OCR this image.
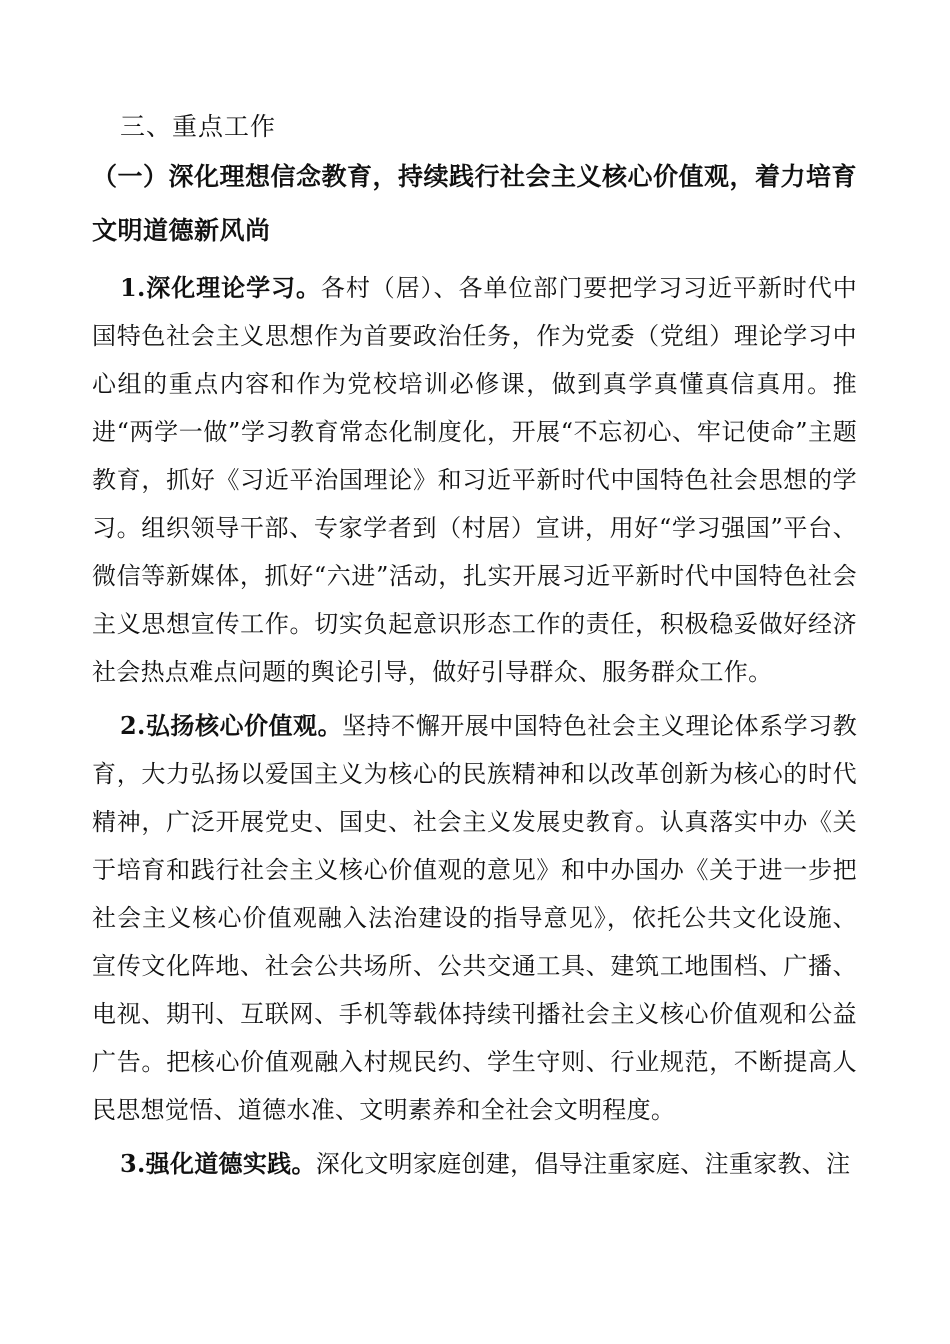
三、重点工作
（一）深化理想信念教育，持续践行社会主义核心价值观，着力培育文明道德新风尚

1.深化理论学习。各村（居）、各单位部门要把学习习近平新时代中国特色社会主义思想作为首要政治任务，作为党委（党组）理论学习中心组的重点内容和作为党校培训必修课，做到真学真懂真信真用。推进“两学一做”学习教育常态化制度化，开展“不忘初心、牢记使命”主题教育，抓好《习近平治国理论》和习近平新时代中国特色社会思想的学习。组织领导干部、专家学者到（村居）宣讲，用好“学习强国”平台、微信等新媒体，抓好“六进”活动，扎实开展习近平新时代中国特色社会主义思想宣传工作。切实负起意识形态工作的责任，积极稳妥做好经济社会热点难点问题的舆论引导，做好引导群众、服务群众工作。

2.弘扬核心价值观。坚持不懈开展中国特色社会主义理论体系学习教育，大力弘扬以爱国主义为核心的民族精神和以改革创新为核心的时代精神，广泛开展党史、国史、社会主义发展史教育。认真落实中办《关于培育和践行社会主义核心价值观的意见》和中办国办《关于进一步把社会主义核心价值观融入法治建设的指导意见》，依托公共文化设施、宣传文化阵地、社会公共场所、公共交通工具、建筑工地围档、广播、电视、期刊、互联网、手机等载体持续刊播社会主义核心价值观和公益广告。把核心价值观融入村规民约、学生守则、行业规范，不断提高人民思想觉悟、道德水准、文明素养和全社会文明程度。

3.强化道德实践。深化文明家庭创建，倡导注重家庭、注重家教、注
